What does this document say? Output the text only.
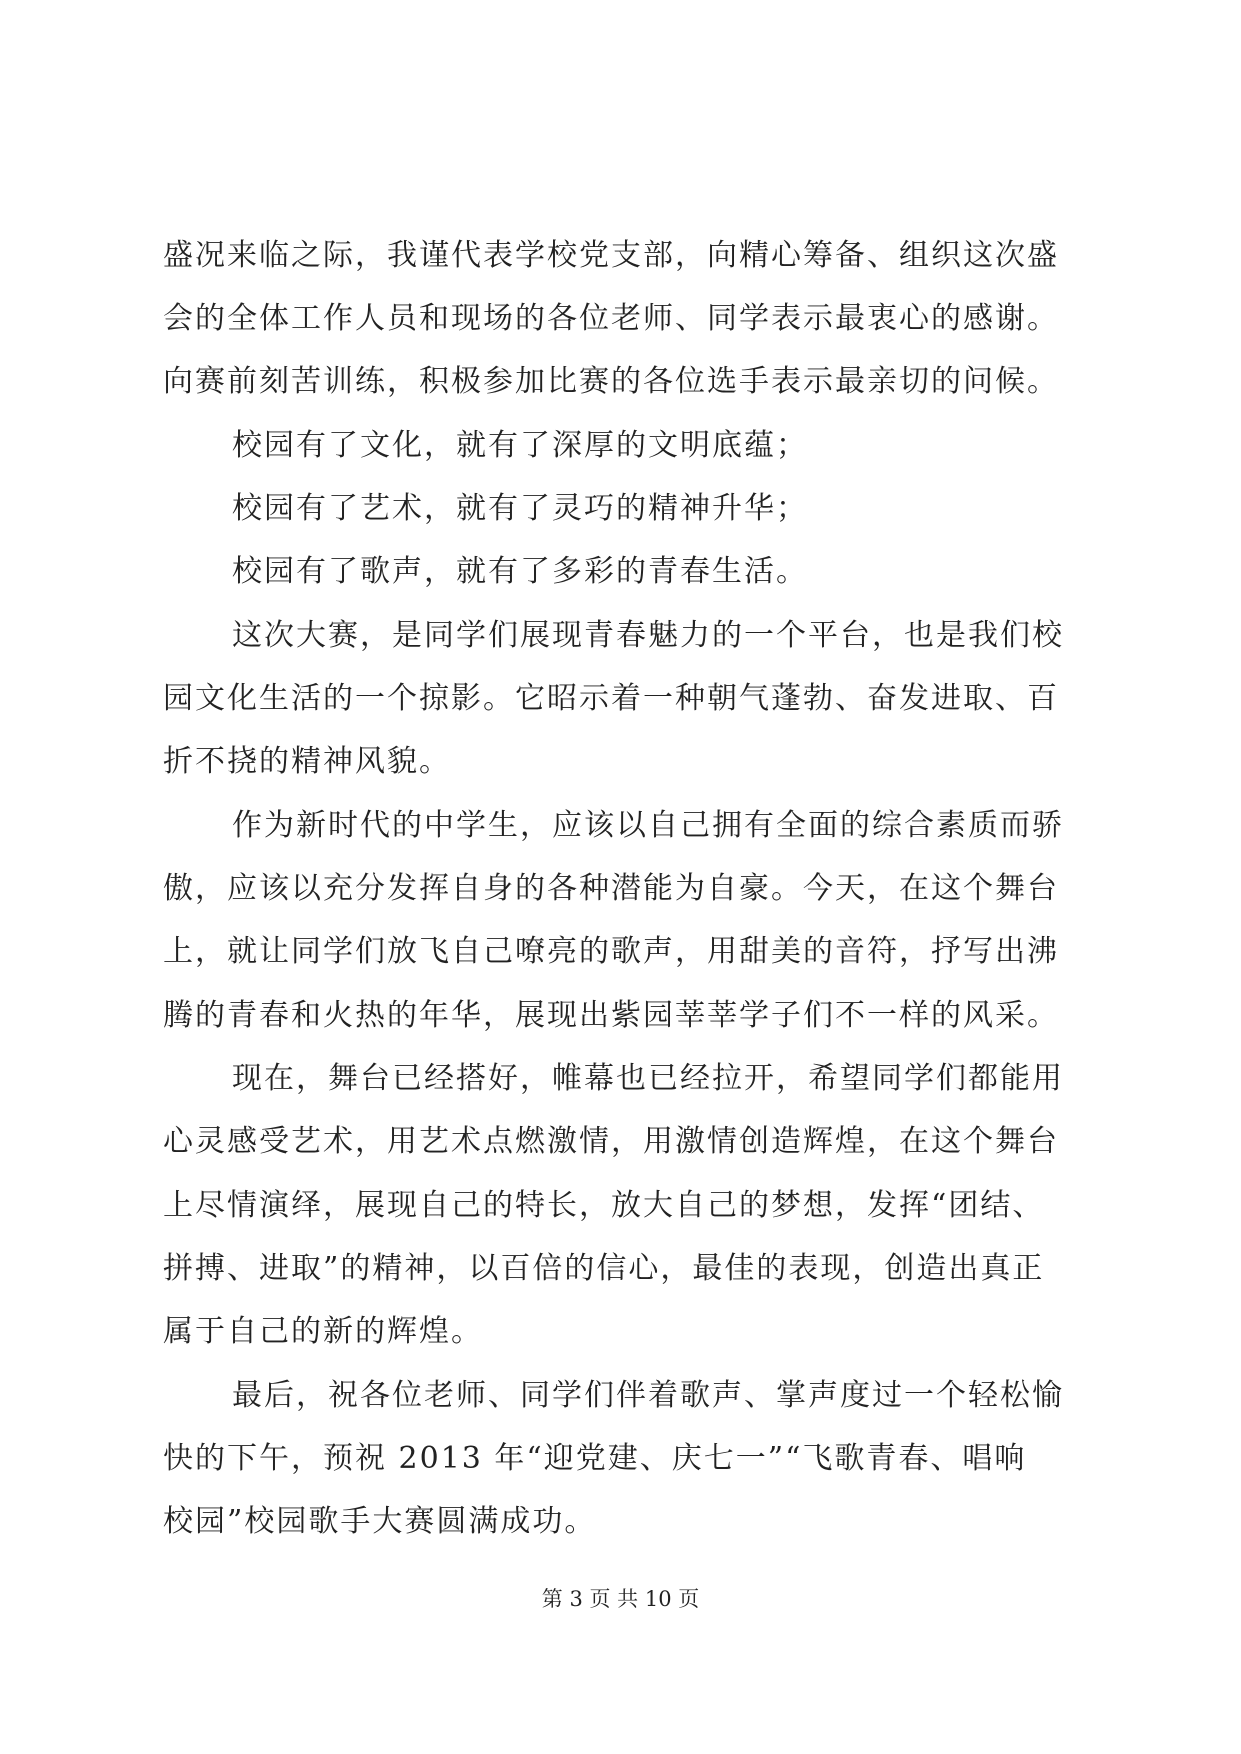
盛况来临之际，我谨代表学校党支部，向精心筹备、组织这次盛
会的全体工作人员和现场的各位老师、同学表示最衷心的感谢。
向赛前刻苦训练，积极参加比赛的各位选手表示最亲切的问候。
校园有了文化，就有了深厚的文明底蕴；
校园有了艺术，就有了灵巧的精神升华；
校园有了歌声，就有了多彩的青春生活。
这次大赛，是同学们展现青春魅力的一个平台，也是我们校
园文化生活的一个掠影。它昭示着一种朝气蓬勃、奋发进取、百
折不挠的精神风貌。
作为新时代的中学生，应该以自己拥有全面的综合素质而骄
傲，应该以充分发挥自身的各种潜能为自豪。今天，在这个舞台
上，就让同学们放飞自己嘹亮的歌声，用甜美的音符，抒写出沸
腾的青春和火热的年华，展现出紫园莘莘学子们不一样的风采。
现在，舞台已经搭好，帷幕也已经拉开，希望同学们都能用
心灵感受艺术，用艺术点燃激情，用激情创造辉煌，在这个舞台
上尽情演绎，展现自己的特长，放大自己的梦想，发挥“团结、
拼搏、进取”的精神，以百倍的信心，最佳的表现，创造出真正
属于自己的新的辉煌。
最后，祝各位老师、同学们伴着歌声、掌声度过一个轻松愉
快的下午，预祝 2013 年“迎党建、庆七一”“飞歌青春、唱响
校园”校园歌手大赛圆满成功。
第 3 页 共 10 页
